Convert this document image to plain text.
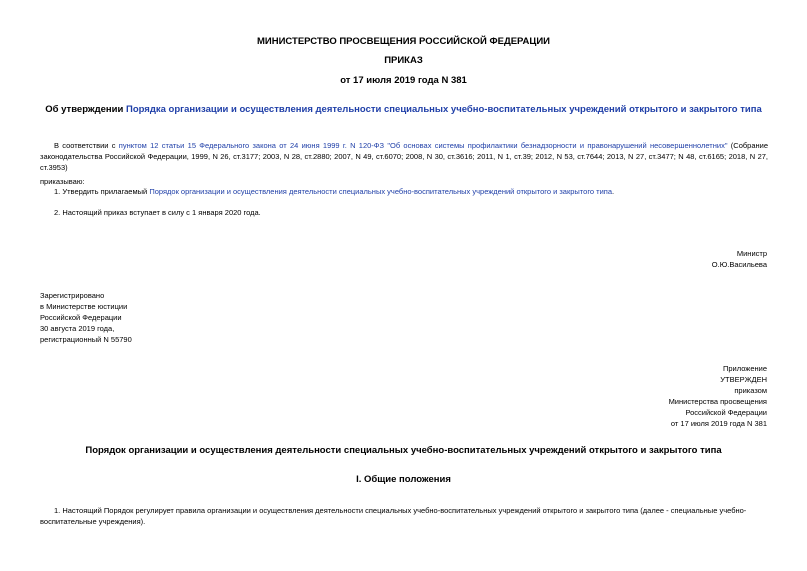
МИНИСТЕРСТВО ПРОСВЕЩЕНИЯ РОССИЙСКОЙ ФЕДЕРАЦИИ
ПРИКАЗ
от 17 июля 2019 года N 381
Об утверждении Порядка организации и осуществления деятельности специальных учебно-воспитательных учреждений открытого и закрытого типа
В соответствии с пунктом 12 статьи 15 Федерального закона от 24 июня 1999 г. N 120-ФЗ "Об основах системы профилактики безнадзорности и правонарушений несовершеннолетних" (Собрание законодательства Российской Федерации, 1999, N 26, ст.3177; 2003, N 28, ст.2880; 2007, N 49, ст.6070; 2008, N 30, ст.3616; 2011, N 1, ст.39; 2012, N 53, ст.7644; 2013, N 27, ст.3477; N 48, ст.6165; 2018, N 27, ст.3953)
приказываю:
1. Утвердить прилагаемый Порядок организации и осуществления деятельности специальных учебно-воспитательных учреждений открытого и закрытого типа.
2. Настоящий приказ вступает в силу с 1 января 2020 года.
Министр
О.Ю.Васильева
Зарегистрировано
в Министерстве юстиции
Российской Федерации
30 августа 2019 года,
регистрационный N 55790
Приложение
УТВЕРЖДЕН
приказом
Министерства просвещения
Российской Федерации
от 17 июля 2019 года N 381
Порядок организации и осуществления деятельности специальных учебно-воспитательных учреждений открытого и закрытого типа
I. Общие положения
1. Настоящий Порядок регулирует правила организации и осуществления деятельности специальных учебно-воспитательных учреждений открытого и закрытого типа (далее - специальные учебно-воспитательные учреждения).
